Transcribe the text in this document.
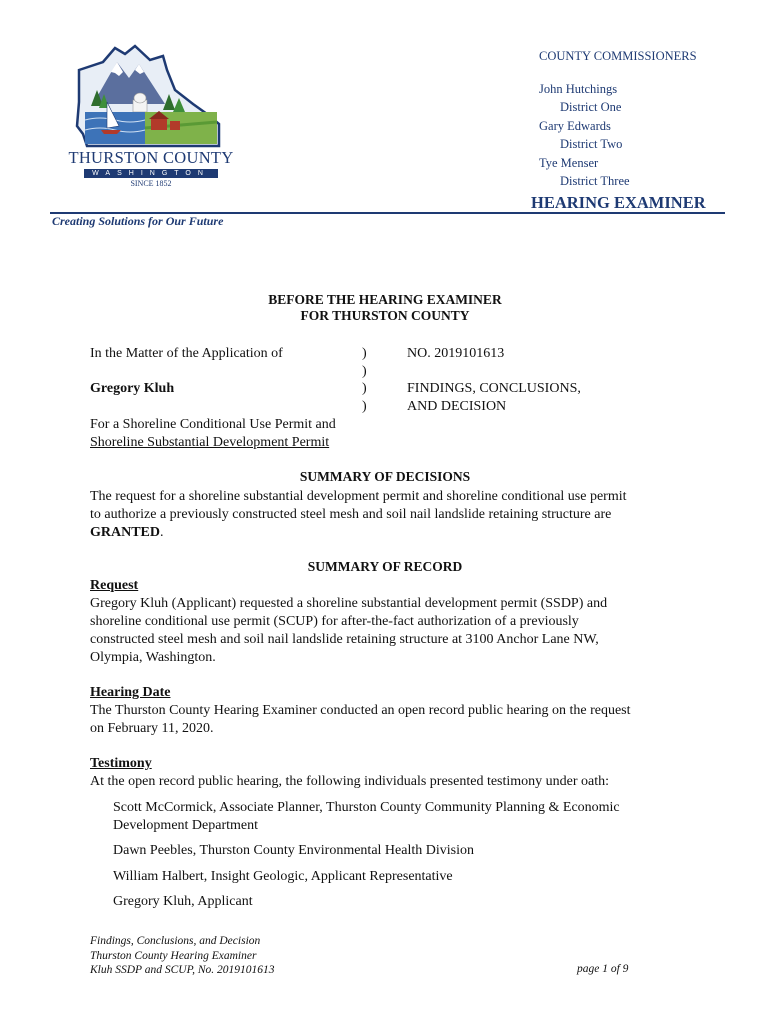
THURSTON COUNTY
WASHINGTON
SINCE 1852
COUNTY COMMISSIONERS
John Hutchings
District One
Gary Edwards
District Two
Tye Menser
District Three
HEARING EXAMINER
Creating Solutions for Our Future
BEFORE THE HEARING EXAMINER
FOR THURSTON COUNTY
In the Matter of the Application of
Gregory Kluh
For a Shoreline Conditional Use Permit and
Shoreline Substantial Development Permit
)
)
)
)
NO. 2019101613
FINDINGS, CONCLUSIONS,
AND DECISION
SUMMARY OF DECISIONS
The request for a shoreline substantial development permit and shoreline conditional use permit
to authorize a previously constructed steel mesh and soil nail landslide retaining structure are
GRANTED.
SUMMARY OF RECORD
Request
Gregory Kluh (Applicant) requested a shoreline substantial development permit (SSDP) and
shoreline conditional use permit (SCUP) for after-the-fact authorization of a previously
constructed steel mesh and soil nail landslide retaining structure at 3100 Anchor Lane NW,
Olympia, Washington.
Hearing Date
The Thurston County Hearing Examiner conducted an open record public hearing on the request
on February 11, 2020.
Testimony
At the open record public hearing, the following individuals presented testimony under oath:
Scott McCormick, Associate Planner, Thurston County Community Planning & Economic
Development Department
Dawn Peebles, Thurston County Environmental Health Division
William Halbert, Insight Geologic, Applicant Representative
Gregory Kluh, Applicant
Findings, Conclusions, and Decision
Thurston County Hearing Examiner
Kluh SSDP and SCUP, No. 2019101613	page 1 of 9
